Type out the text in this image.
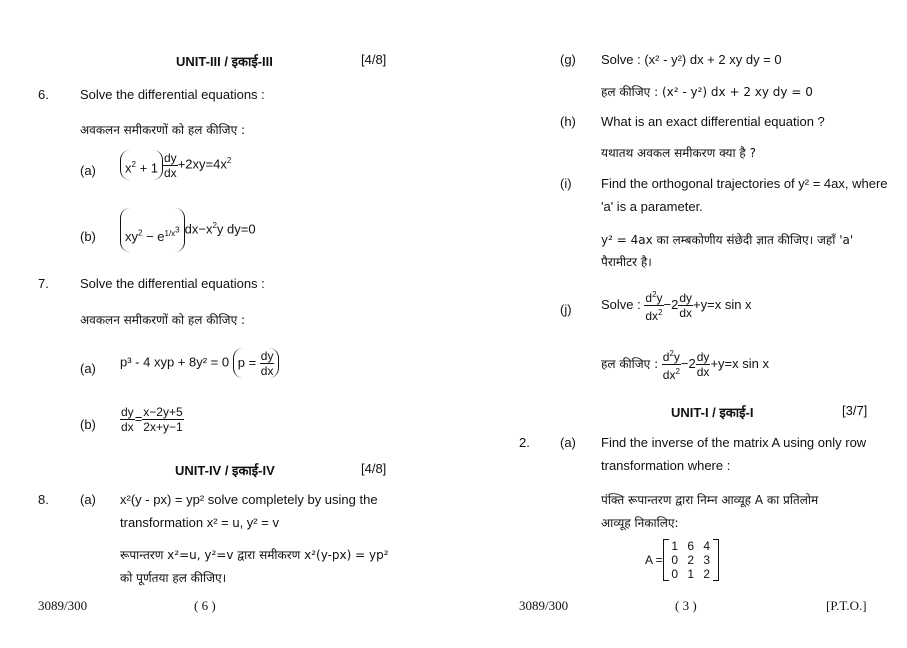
UNIT-III / इकाई-III	[4/8]
6. Solve the differential equations :
अवकलन समीकरणों को हल कीजिए :
(a)	$x^2 + 1 \frac{dy}{dx} +2xy=4x^2$
(b)	$xy^2 - e^{1/x^3}$ $dx-x^2y$ dy=0
7. Solve the differential equations :
अवकलन समीकरणों को हल कीजिए :
(a) p³ - 4 xyp + 8y² = 0 $p = \frac{dy}{dx}$
$(b) \frac{dy}{dx} = \frac{x-2y+5}{2x+y-1}$
UNIT-IV / इकाई-IV	[4/8]
8. (a) x²(y - px) = yp² solve completely by using the
transformation x² = u, y² = v
रूपान्तरण x²=u, y²=v द्वारा समीकरण x²(y-px) = yp²
को पूर्णतया हल कीजिए।
3089/300	( 6 )
(g) Solve : (x² - y²) dx + 2 xy dy = 0
हल कीजिए : (x² - y²) dx + 2 xy dy = 0
(h) What is an exact differential equation ?
यथातथ अवकल समीकरण क्या है ?
(i) Find the orthogonal trajectories of y² = 4ax, where
'a' is a parameter.
y² = 4ax का लम्बकोणीय संछेदी ज्ञात कीजिए। जहाँ 'a'
पैरामीटर है।
(j) Solve : $\frac{d^2y}{dx^2} -2 \frac{dy}{dx} +y=x$ sin x
हल कीजिए : $\frac{d^2y}{dx^2} -2 \frac{dy}{dx} +y=x$ sin x
UNIT-I / इकाई-I	[3/7]
2. (a) Find the inverse of the matrix A using only row
transformation where :
पंक्ति रूपान्तरण द्वारा निम्न आव्यूह A का प्रतिलोम
आव्यूह निकालिए:
A =
1 6 4
0 2 3
0 1 2
3089/300	( 3 )	[P.T.O.]
